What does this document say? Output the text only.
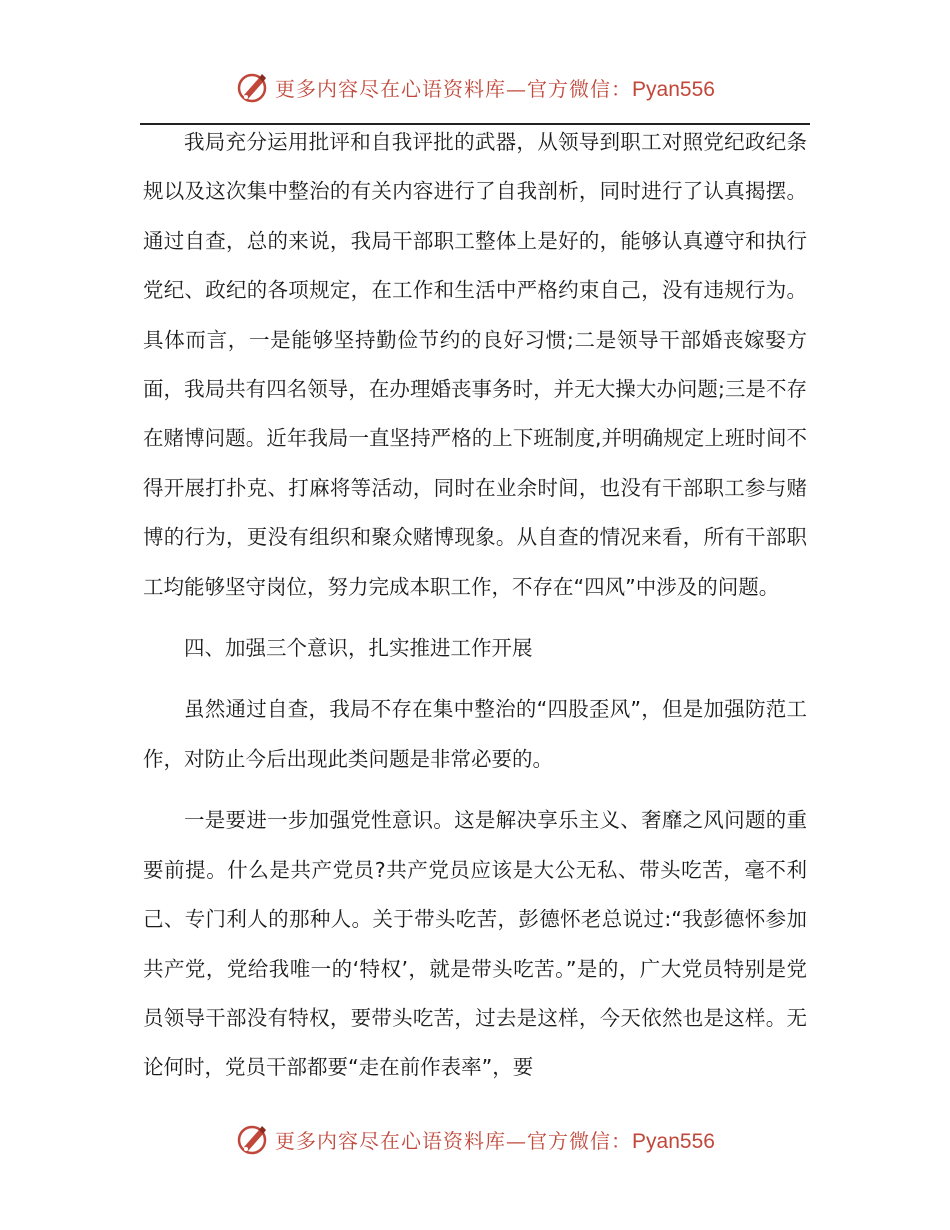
更多内容尽在心语资料库—官方微信：Pyan556

我局充分运用批评和自我评批的武器，从领导到职工对照党纪政纪条规以及这次集中整治的有关内容进行了自我剖析，同时进行了认真揭摆。通过自查，总的来说，我局干部职工整体上是好的，能够认真遵守和执行党纪、政纪的各项规定，在工作和生活中严格约束自己，没有违规行为。具体而言，一是能够坚持勤俭节约的良好习惯;二是领导干部婚丧嫁娶方面，我局共有四名领导，在办理婚丧事务时，并无大操大办问题;三是不存在赌博问题。近年我局一直坚持严格的上下班制度,并明确规定上班时间不得开展打扑克、打麻将等活动，同时在业余时间，也没有干部职工参与赌博的行为，更没有组织和聚众赌博现象。从自查的情况来看，所有干部职工均能够坚守岗位，努力完成本职工作，不存在“四风”中涉及的问题。

四、加强三个意识，扎实推进工作开展

虽然通过自查，我局不存在集中整治的“四股歪风”，但是加强防范工作，对防止今后出现此类问题是非常必要的。

一是要进一步加强党性意识。这是解决享乐主义、奢靡之风问题的重要前提。什么是共产党员?共产党员应该是大公无私、带头吃苦，毫不利己、专门利人的那种人。关于带头吃苦，彭德怀老总说过:“我彭德怀参加共产党，党给我唯一的‘特权’，就是带头吃苦。”是的，广大党员特别是党员领导干部没有特权，要带头吃苦，过去是这样，今天依然也是这样。无论何时，党员干部都要“走在前作表率”，要

更多内容尽在心语资料库—官方微信：Pyan556
